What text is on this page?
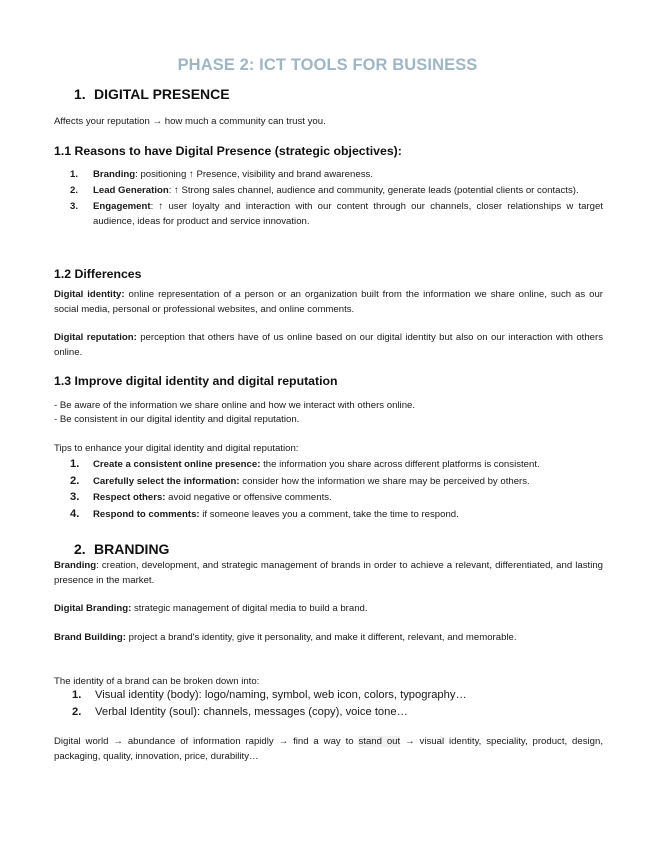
PHASE 2: ICT TOOLS FOR BUSINESS
1. DIGITAL PRESENCE
Affects your reputation → how much a community can trust you.
1.1 Reasons to have Digital Presence (strategic objectives):
1. Branding: positioning ↑ Presence, visibility and brand awareness.
2. Lead Generation: ↑ Strong sales channel, audience and community, generate leads (potential clients or contacts).
3. Engagement: ↑ user loyalty and interaction with our content through our channels, closer relationships w target audience, ideas for product and service innovation.
1.2 Differences
Digital identity: online representation of a person or an organization built from the information we share online, such as our social media, personal or professional websites, and online comments.
Digital reputation: perception that others have of us online based on our digital identity but also on our interaction with others online.
1.3 Improve digital identity and digital reputation
- Be aware of the information we share online and how we interact with others online.
- Be consistent in our digital identity and digital reputation.
Tips to enhance your digital identity and digital reputation:
1. Create a consistent online presence: the information you share across different platforms is consistent.
2. Carefully select the information: consider how the information we share may be perceived by others.
3. Respect others: avoid negative or offensive comments.
4. Respond to comments: if someone leaves you a comment, take the time to respond.
2. BRANDING
Branding: creation, development, and strategic management of brands in order to achieve a relevant, differentiated, and lasting presence in the market.
Digital Branding: strategic management of digital media to build a brand.
Brand Building: project a brand's identity, give it personality, and make it different, relevant, and memorable.
The identity of a brand can be broken down into:
1. Visual identity (body): logo/naming, symbol, web icon, colors, typography…
2. Verbal Identity (soul): channels, messages (copy), voice tone…
Digital world → abundance of information rapidly → find a way to stand out → visual identity, speciality, product, design, packaging, quality, innovation, price, durability…
